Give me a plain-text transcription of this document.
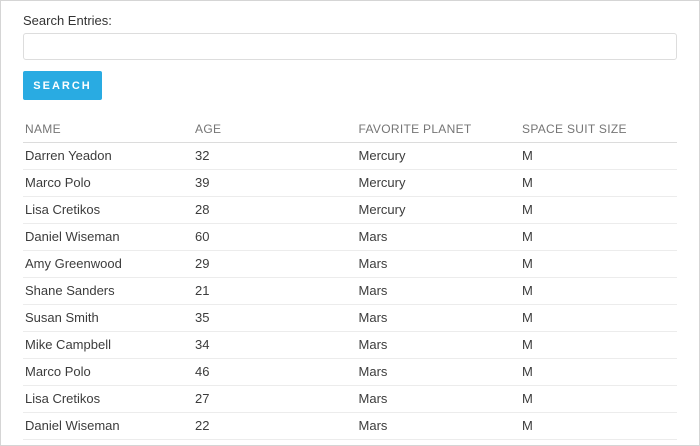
Search Entries:
SEARCH
NAME	AGE	FAVORITE PLANET	SPACE SUIT SIZE
Darren Yeadon	32	Mercury	M
Marco Polo	39	Mercury	M
Lisa Cretikos	28	Mercury	M
Daniel Wiseman	60	Mars	M
Amy Greenwood	29	Mars	M
Shane Sanders	21	Mars	M
Susan Smith	35	Mars	M
Mike Campbell	34	Mars	M
Marco Polo	46	Mars	M
Lisa Cretikos	27	Mars	M
Daniel Wiseman	22	Mars	M
